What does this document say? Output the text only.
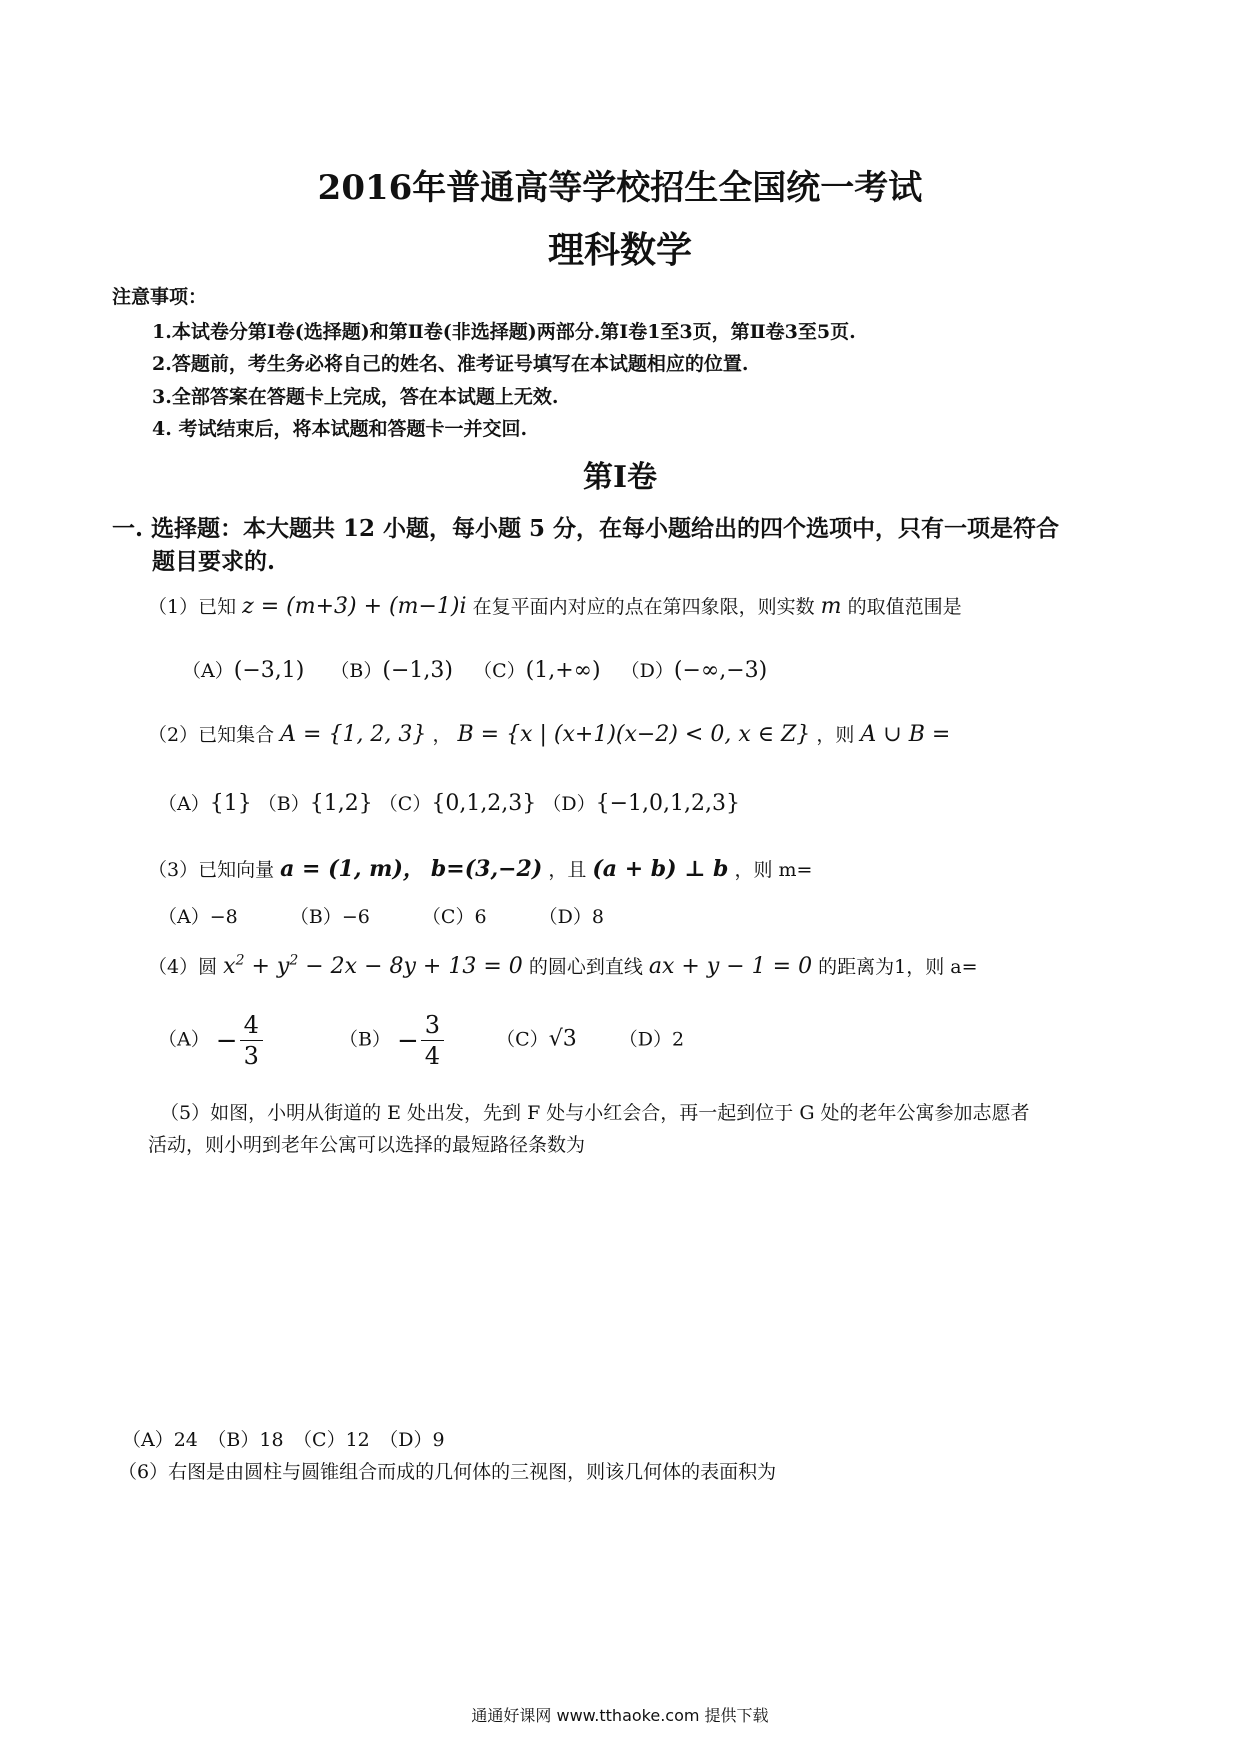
2016年普通高等学校招生全国统一考试
理科数学
注意事项：
1.本试卷分第Ⅰ卷(选择题)和第Ⅱ卷(非选择题)两部分.第Ⅰ卷1至3页，第Ⅱ卷3至5页.
2.答题前，考生务必将自己的姓名、准考证号填写在本试题相应的位置.
3.全部答案在答题卡上完成，答在本试题上无效.
4. 考试结束后，将本试题和答题卡一并交回.
第Ⅰ卷
一. 选择题：本大题共 12 小题，每小题 5 分，在每小题给出的四个选项中，只有一项是符合
题目要求的.
（1）已知 z = (m+3) + (m−1)i 在复平面内对应的点在第四象限，则实数 m 的取值范围是
（A）(−3,1) （B）(−1,3) （C）(1,+∞) （D）(−∞,−3)
（2）已知集合 A = {1, 2, 3} ， B = {x | (x+1)(x−2) < 0, x ∈ Z} ，则 A ∪ B =
（A）{1} （B）{1,2} （C）{0,1,2,3} （D）{−1,0,1,2,3}
（3）已知向量 a = (1, m)， b=(3,−2) ，且 (a + b) ⊥ b ，则 m=
（A）−8	（B）−6	（C）6	（D）8
（4）圆 $x^2 + y^2 - 2x - 8y + 13 = 0$ 的圆心到直线 ax + y − 1 = 0 的距离为1，则 a=
$(A) - \frac{4}{3}$	$(B) - \frac{3}{4}$	（C）√3 （D）2
（5）如图，小明从街道的 E 处出发，先到 F 处与小红会合，再一起到位于 G 处的老年公寓参加志愿者
活动，则小明到老年公寓可以选择的最短路径条数为
（A）24　（B）18　（C）12　（D）9
（6）右图是由圆柱与圆锥组合而成的几何体的三视图，则该几何体的表面积为
通通好课网 www.tthaoke.com 提供下载
